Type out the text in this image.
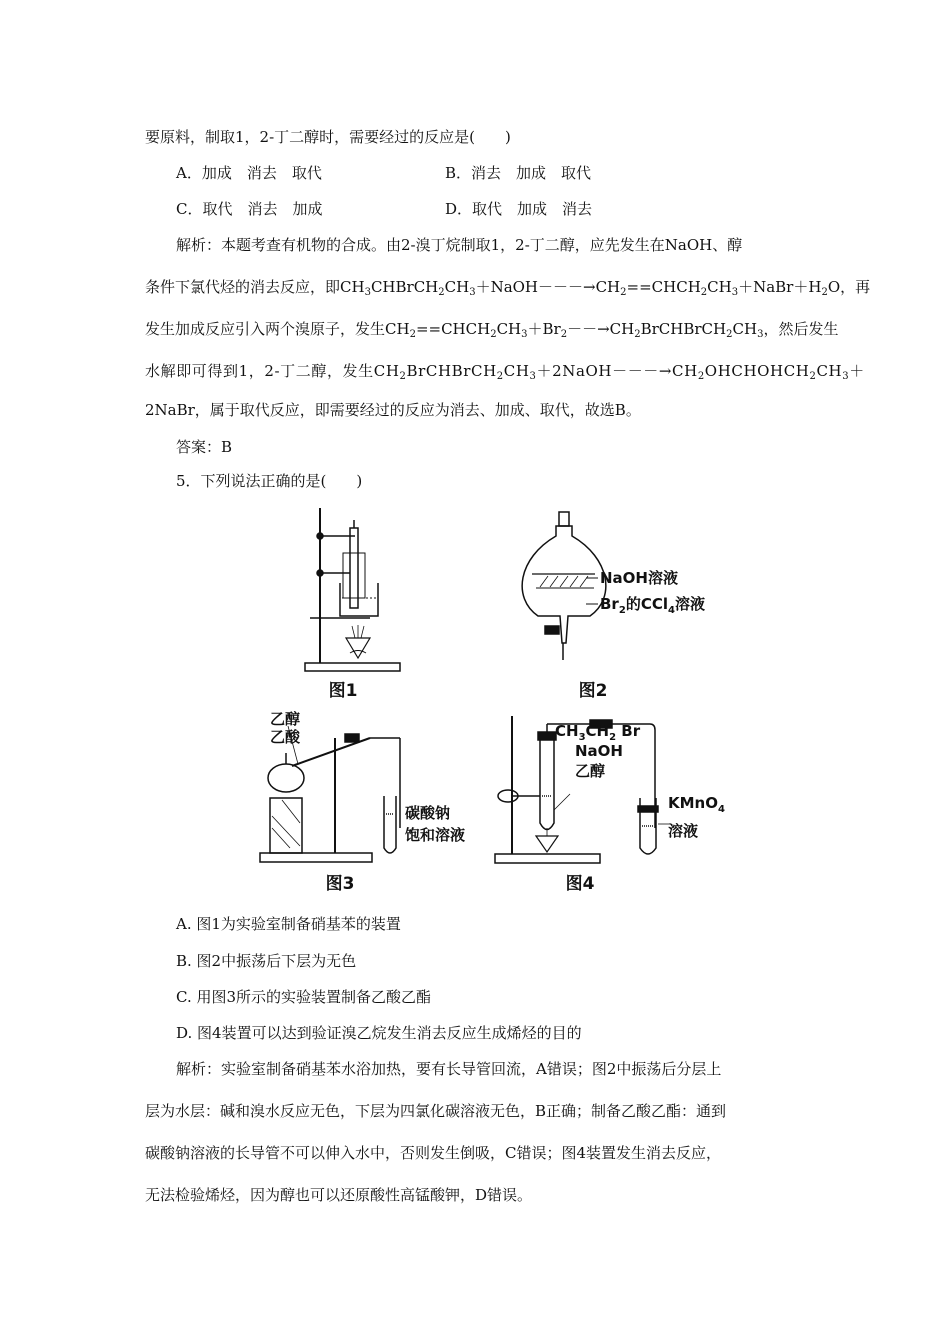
要原料，制取1，2-丁二醇时，需要经过的反应是(　　)
A．加成　消去　取代	B．消去　加成　取代
C．取代　消去　加成	D．取代　加成　消去
解析：本题考查有机物的合成。由2-溴丁烷制取1，2-丁二醇，应先发生在NaOH、醇
条件下氯代烃的消去反应，即$CH_3CHBrCH_2CH_3+NaOH---\to CH_2==CHCH_2CH_3+NaBr+H_2O$，再
发生加成反应引入两个溴原子，发生$CH_2==CHCH_2CH_3+Br_2--\to CH_2BrCHBrCH_2CH_3$，然后发生
水解即可得到1，2-丁二醇，发生$CH_2BrCHBrCH_2CH_3+2NaOH---\to CH_2OHCHOHCH_2CH_3+$
2NaBr，属于取代反应，即需要经过的反应为消去、加成、取代，故选B。
答案：B
5．下列说法正确的是(　　)
图1
NaOH溶液
$Br_2$的CCl$_4$溶液
图2
乙醇
乙酸
碳酸钠
饱和溶液
图3
$CH_3CH_2$ Br
NaOH
乙醇
KMnO$_4$
溶液
图4
A. 图1为实验室制备硝基苯的装置
B. 图2中振荡后下层为无色
C. 用图3所示的实验装置制备乙酸乙酯
D. 图4装置可以达到验证溴乙烷发生消去反应生成烯烃的目的
解析：实验室制备硝基苯水浴加热，要有长导管回流，A错误；图2中振荡后分层上
层为水层：碱和溴水反应无色，下层为四氯化碳溶液无色，B正确；制备乙酸乙酯：通到
碳酸钠溶液的长导管不可以伸入水中，否则发生倒吸，C错误；图4装置发生消去反应，
无法检验烯烃，因为醇也可以还原酸性高锰酸钾，D错误。
